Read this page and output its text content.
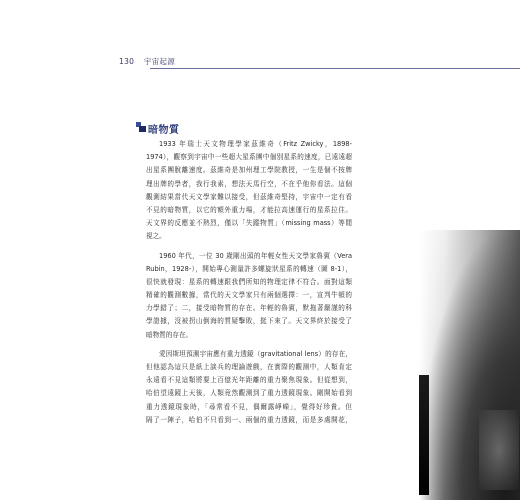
130 宇宙起源
暗物質
1933 年瑞士天文物理學家茲維奇（Fritz Zwicky，1898-
1974），觀察到宇宙中一些超大星系團中個別星系的速度，已遠遠超
出星系團脫離速度。茲維奇是加州理工學院教授，一生是個不按牌
理出牌的學者，我行我素，想法天馬行空，不在乎他你看法。這個
觀測結果當代天文學家難以接受，但茲維奇堅持，宇宙中一定有看
不見的暗物質，以它的額外重力場，才能拉高速運行的星系拉住。
天文界的反應並不熱烈，僅以「失蹤物質」（missing mass）等閒
視之。
1960 年代，一位 30 歲剛出頭的年輕女性天文學家魯賓（Vera
Rubin，1928-），開始專心測量許多螺旋狀星系的轉速（圖 8-1），
很快就發現：星系的轉速跟我們所知的物理定律不符合。面對這類
精確的觀測數據，當代的天文學家只有兩個選擇：一，宣判牛頓的
力學錯了；二，接受暗物質的存在。年輕的魯賓，默拖著嚴謹的科
學證據，沒被拐山倒海的質疑擊敗，挺下來了。天文界終於接受了
暗物質的存在。
愛因斯坦預測宇宙應有重力透鏡（gravitational lens）的存在，
但他認為這只是紙上談兵的理論遊戲，在實際的觀測中，人類肯定
永遠看不見這類將要上百億光年距離的重力聚焦現象。但從想到，
哈伯望遠鏡上天後，人類竟然觀測到了重力透鏡現象。剛開始看到
重力透鏡現象時，「尋常看不見，偶爾露崢嶸」，覺得好珍貴。但
隔了一陣子，哈伯不只看到一、兩個的重力透鏡，而是多處開花，
